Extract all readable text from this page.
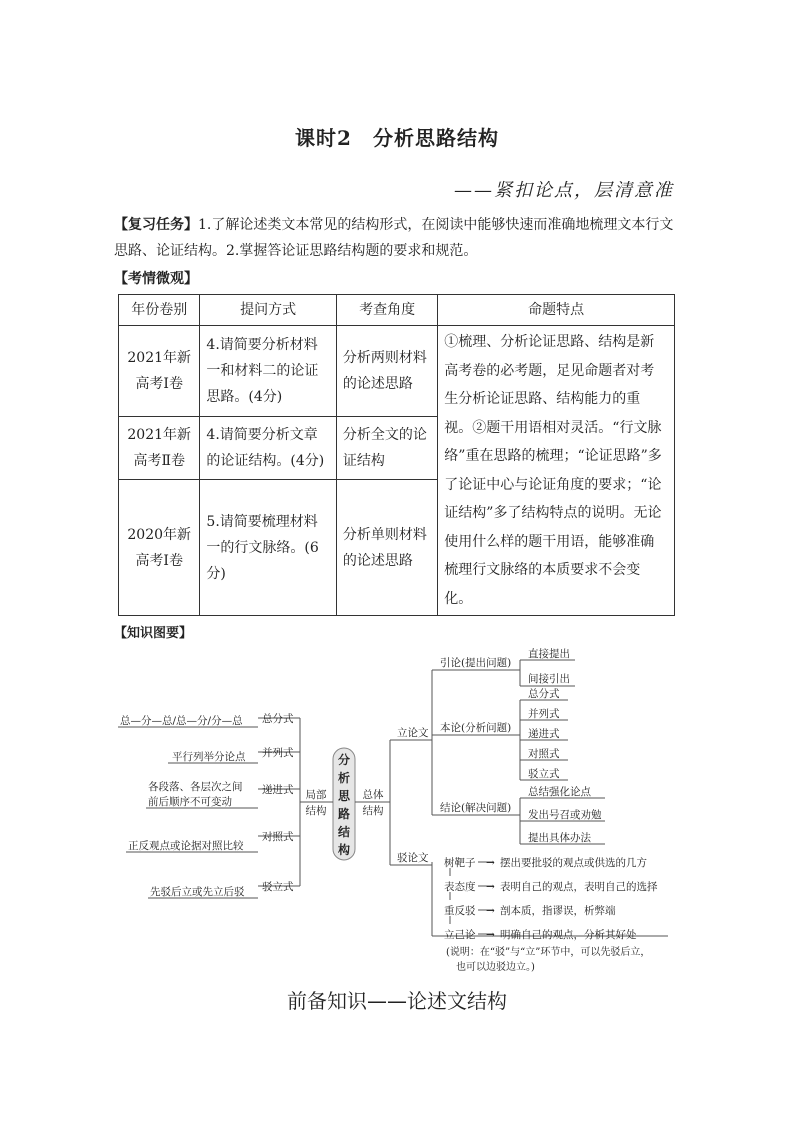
课时2　分析思路结构
——紧扣论点，层清意准
【复习任务】1.了解论述类文本常见的结构形式，在阅读中能够快速而准确地梳理文本行文思路、论证结构。2.掌握答论证思路结构题的要求和规范。
【考情微观】
年份卷别	提问方式	考查角度	命题特点
2021年新高考Ⅰ卷	4.请简要分析材料一和材料二的论证思路。(4分)	分析两则材料的论述思路	①梳理、分析论证思路、结构是新高考卷的必考题，足见命题者对考生分析论证思路、结构能力的重视。②题干用语相对灵活。“行文脉络”重在思路的梳理；“论证思路”多了论证中心与论证角度的要求；“论证结构”多了结构特点的说明。无论使用什么样的题干用语，能够准确梳理行文脉络的本质要求不会变化。
2021年新高考Ⅱ卷	4.请简要分析文章的论证结构。(4分)	分析全文的论证结构	
2020年新高考Ⅰ卷	5.请简要梳理材料一的行文脉络。(6分)	分析单则材料的论述思路	
【知识图要】
分
析
思
路
结
构
局部
结构
总体
结构
总分式
并列式
递进式
对照式
驳立式
总—分—总/总—分/分—总
平行列举分论点
各段落、各层次之间
前后顺序不可变动
正反观点或论据对照比较
先驳后立或先立后驳
立论文
驳论文
引论(提出问题)
本论(分析问题)
结论(解决问题)
直接提出
间接引出
总分式
并列式
递进式
对照式
驳立式
总结强化论点
发出号召或劝勉
提出具体办法
树靶子
表态度
重反驳
立己论
→
→
→
→
摆出要批驳的观点或供选的几方
表明自己的观点，表明自己的选择
剖本质，指谬误，析弊端
明确自己的观点，分析其好处
(说明：在“驳”与“立”环节中，可以先驳后立，
也可以边驳边立。)
前备知识——论述文结构
